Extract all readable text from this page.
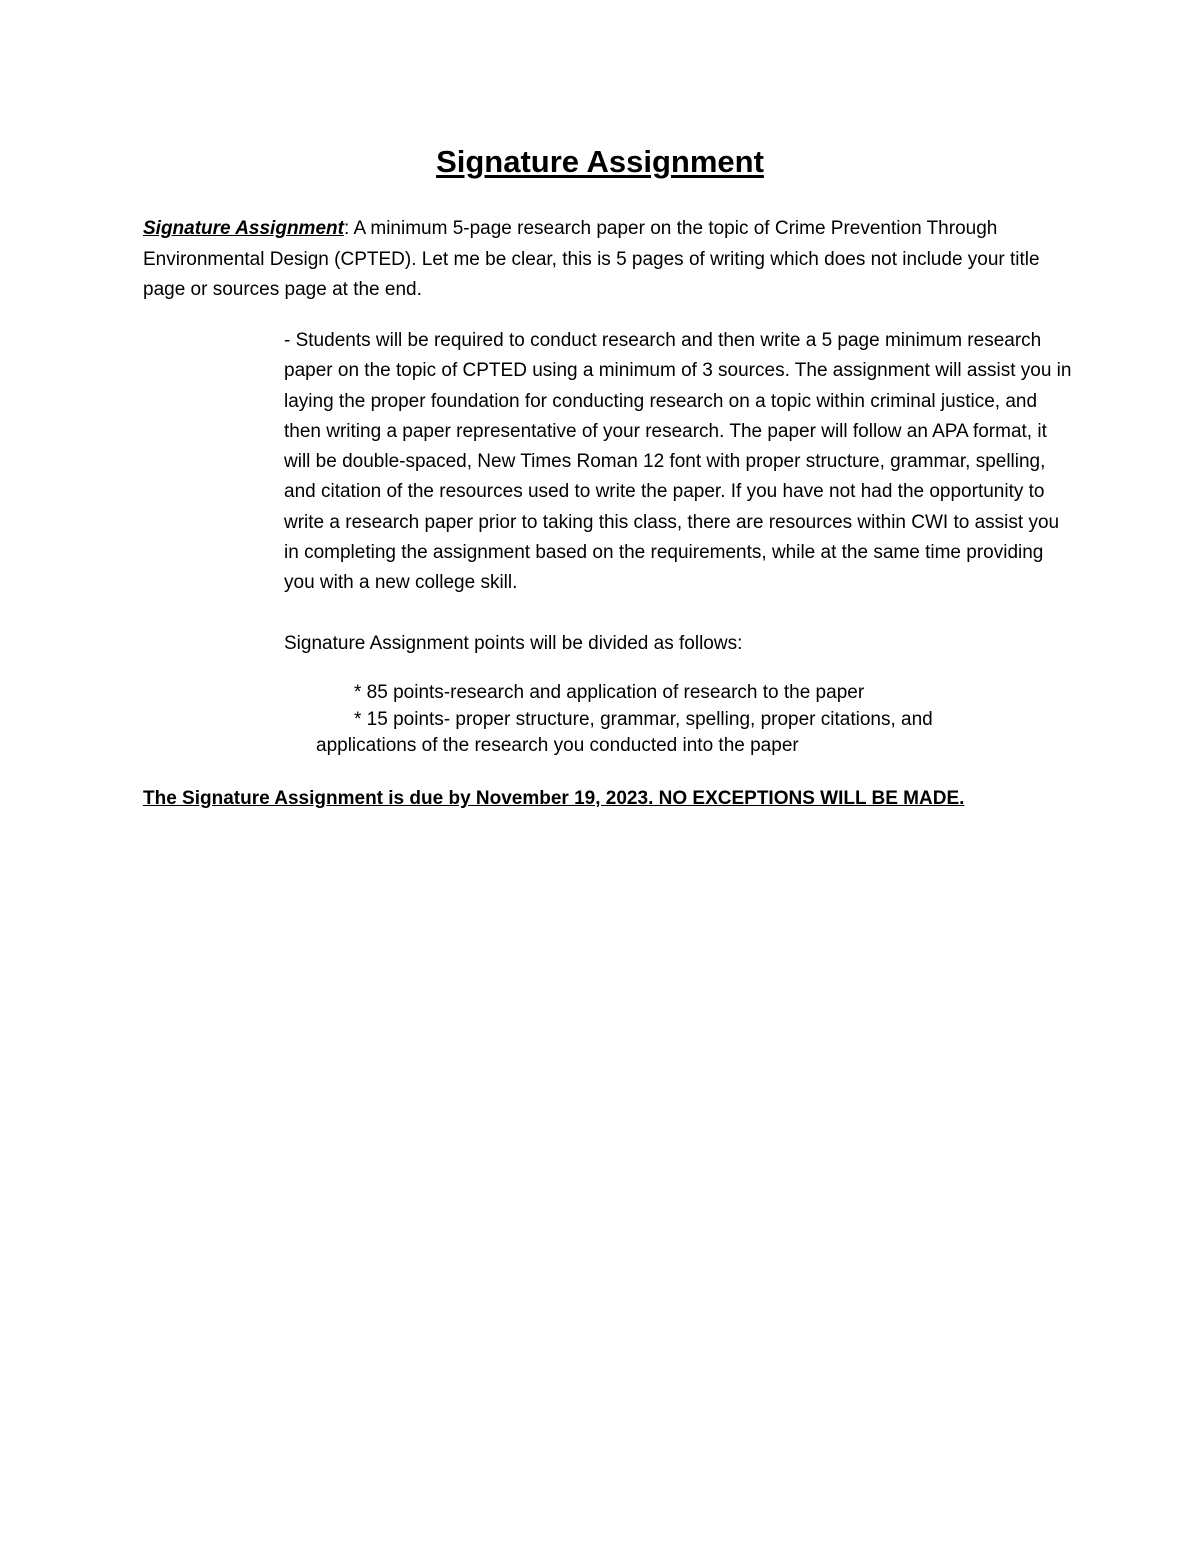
Signature Assignment

Signature Assignment: A minimum 5-page research paper on the topic of Crime Prevention Through Environmental Design (CPTED). Let me be clear, this is 5 pages of writing which does not include your title page or sources page at the end.

- Students will be required to conduct research and then write a 5 page minimum research paper on the topic of CPTED using a minimum of 3 sources. The assignment will assist you in laying the proper foundation for conducting research on a topic within criminal justice, and then writing a paper representative of your research. The paper will follow an APA format, it will be double-spaced, New Times Roman 12 font with proper structure, grammar, spelling, and citation of the resources used to write the paper. If you have not had the opportunity to write a research paper prior to taking this class, there are resources within CWI to assist you in completing the assignment based on the requirements, while at the same time providing you with a new college skill.

Signature Assignment points will be divided as follows:

* 85 points-research and application of research to the paper
* 15 points- proper structure, grammar, spelling, proper citations, and applications of the research you conducted into the paper

The Signature Assignment is due by November 19, 2023. NO EXCEPTIONS WILL BE MADE.
